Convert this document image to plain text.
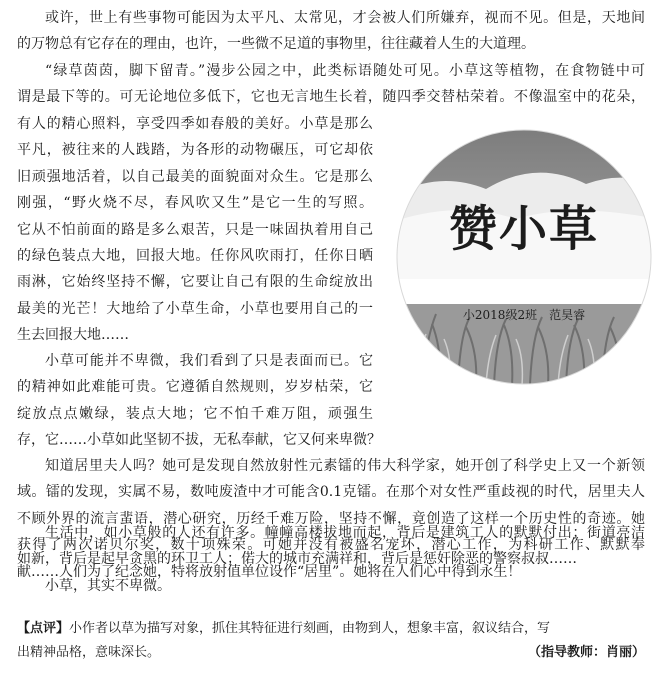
或许，世上有些事物可能因为太平凡、太常见，才会被人们所嫌弃，视而不见。但是，天地间
的万物总有它存在的理由，也许，一些微不足道的事物里，往往藏着人生的大道理。
“绿草茵茵，脚下留青。”漫步公园之中，此类标语随处可见。小草这等植物，在食物链中可
谓是最下等的。可无论地位多低下，它也无言地生长着，随四季交替枯荣着。不像温室中的花朵，
有人的精心照料，享受四季如春般的美好。小草是那么
平凡，被往来的人践踏，为各形的动物碾压，可它却依
旧顽强地活着，以自己最美的面貌面对众生。它是那么
刚强，“野火烧不尽，春风吹又生”是它一生的写照。
它从不怕前面的路是多么艰苦，只是一味固执着用自己
的绿色装点大地，回报大地。任你风吹雨打，任你日晒
雨淋，它始终坚持不懈，它要让自己有限的生命绽放出
最美的光芒！大地给了小草生命，小草也要用自己的一
生去回报大地……
小草可能并不卑微，我们看到了只是表面而已。它
的精神如此难能可贵。它遵循自然规则，岁岁枯荣，它
绽放点点嫩绿，装点大地；它不怕千难万阻，顽强生
存，它……小草如此坚韧不拔，无私奉献，它又何来卑微？
知道居里夫人吗？她可是发现自然放射性元素镭的伟大科学家，她开创了科学史上又一个新领
域。镭的发现，实属不易，数吨废渣中才可能含0.1克镭。在那个对女性严重歧视的时代，居里夫人
不顾外界的流言蜚语，潜心研究，历经千难万险，坚持不懈，竟创造了这样一个历史性的奇迹。她
获得了两次诺贝尔奖，数十项殊荣。可她并没有被盛名宠坏，潜心工作，为科研工作、默默奉
献……人们为了纪念她，特将放射值单位设作“居里”。她将在人们心中得到永生！
赞小草
小2018级2班　范昊睿
生活中，如小草般的人还有许多。幢幢高楼拔地而起，背后是建筑工人的默默付出；街道亮洁
如新，背后是起早贪黑的环卫工人；偌大的城市充满祥和，背后是惩奸除恶的警察叔叔……
小草，其实不卑微。
【点评】小作者以草为描写对象，抓住其特征进行刻画，由物到人，想象丰富，叙议结合，写
出精神品格，意味深长。	（指导教师：肖丽）
